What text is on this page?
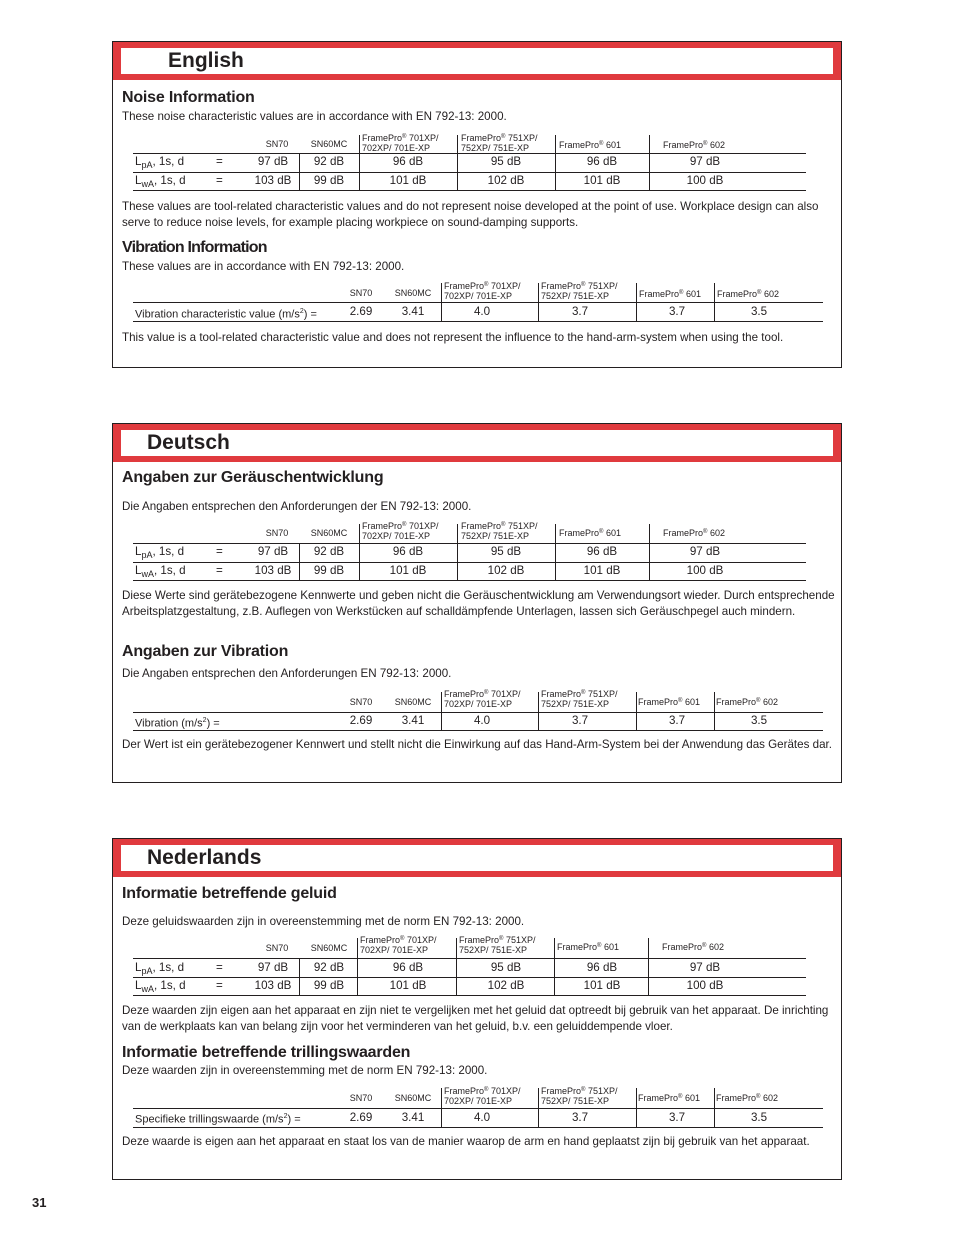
English
Noise Information
These noise characteristic values are in accordance with EN 792-13: 2000.
SN70	SN60MC
FramePro® 701XP/
702XP/ 701E-XP
FramePro® 751XP/
752XP/ 751E-XP	FramePro® 601	FramePro® 602
$L_{pA}$, 1s, d	=	97 dB	92 dB	96 dB	95 dB	96 dB	97 dB
$L_{wA}$, 1s, d	=	103 dB	99 dB	101 dB	102 dB	101 dB	100 dB
These values are tool-related characteristic values and do not represent noise developed at the point of use. Workplace design can also serve to reduce noise levels, for example placing workpiece on sound-damping supports.
Vibration Information
These values are in accordance with EN 792-13: 2000.
SN70	SN60MC
FramePro® 701XP/
702XP/ 701E-XP
FramePro® 751XP/
752XP/ 751E-XP	FramePro® 601 FramePro® 602
Vibration characteristic value $(m/s^2)$ =	2.69	3.41	4.0	3.7	3.7	3.5
This value is a tool-related characteristic value and does not represent the influence to the hand-arm-system when using the tool.
Deutsch
Angaben zur Geräuschentwicklung
Die Angaben entsprechen den Anforderungen der EN 792-13: 2000.
SN70	SN60MC
FramePro® 701XP/
702XP/ 701E-XP
FramePro® 751XP/
752XP/ 751E-XP	FramePro® 601	FramePro® 602
$L_{pA}$, 1s, d	=	97 dB	92 dB	96 dB	95 dB	96 dB	97 dB
$L_{wA}$, 1s, d	=	103 dB	99 dB	101 dB	102 dB	101 dB	100 dB
Diese Werte sind gerätebezogene Kennwerte und geben nicht die Geräuschentwicklung am Verwendungsort wieder. Durch entsprechende Arbeitsplatzgestaltung, z.B. Auflegen von Werkstücken auf schalldämpfende Unterlagen, lassen sich Geräuschpegel auch mindern.
Angaben zur Vibration
Die Angaben entsprechen den Anforderungen EN 792-13: 2000.
SN70	SN60MC
FramePro® 701XP/
702XP/ 701E-XP
FramePro® 751XP/
752XP/ 751E-XP	FramePro® 601 FramePro® 602
Vibration $(m/s^2)$ =	2.69	3.41	4.0	3.7	3.7	3.5
Der Wert ist ein gerätebezogener Kennwert und stellt nicht die Einwirkung auf das Hand-Arm-System bei der Anwendung das Gerätes dar.
Nederlands
Informatie betreffende geluid
Deze geluidswaarden zijn in overeenstemming met de norm EN 792-13: 2000.
SN70	SN60MC
FramePro® 701XP/
702XP/ 701E-XP
FramePro® 751XP/
752XP/ 751E-XP	FramePro® 601	FramePro® 602
$L_{pA}$, 1s, d	=	97 dB	92 dB	96 dB	95 dB	96 dB	97 dB
$L_{wA}$, 1s, d	=	103 dB	99 dB	101 dB	102 dB	101 dB	100 dB
Deze waarden zijn eigen aan het apparaat en zijn niet te vergelijken met het geluid dat optreedt bij gebruik van het apparaat. De inrichting van de werkplaats kan van belang zijn voor het verminderen van het geluid, b.v. een geluiddempende vloer.
Informatie betreffende trillingswaarden
Deze waarden zijn in overeenstemming met de norm EN 792-13: 2000.
SN70	SN60MC
FramePro® 701XP/
702XP/ 701E-XP
FramePro® 751XP/
752XP/ 751E-XP	FramePro® 601 FramePro® 602
Specifieke trillingswaarde $(m/s^2)$ =	2.69	3.41	4.0	3.7	3.7	3.5
Deze waarde is eigen aan het apparaat en staat los van de manier waarop de arm en hand geplaatst zijn bij gebruik van het apparaat.
31
